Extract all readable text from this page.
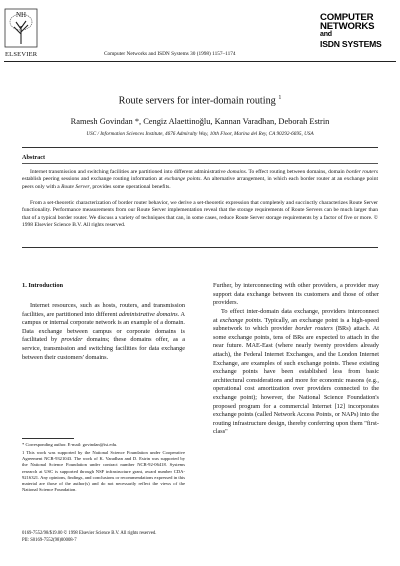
NH
ELSEVIER	Computer Networks and ISDN Systems 30 (1998) 1157–1174
COMPUTER
NETWORKS
and
ISDN SYSTEMS
Route servers for inter-domain routing $^1$
Ramesh Govindan *, Cengiz Alaettinoğlu, Kannan Varadhan, Deborah Estrin
USC / Information Sciences Institute, 4676 Admiralty Way, 10th Floor, Marina del Rey, CA 90292-6695, USA
Abstract
Internet transmission and switching facilities are partitioned into different administrative domains. To effect routing between domains, domain border routers establish peering sessions and exchange routing information at exchange points. An alternative arrangement, in which each border router at an exchange point peers only with a Route Server, provides some operational benefits.
From a set-theoretic characterization of border router behavior, we derive a set-theoretic expression that completely and succinctly characterizes Route Server functionality. Performance measurements from our Route Server implementation reveal that the storage requirements of Route Servers can be much larger than that of a typical border router. We discuss a variety of techniques that can, in some cases, reduce Route Server storage requirements by a factor of five or more. © 1998 Elsevier Science B.V. All rights reserved.
1. Introduction
Internet resources, such as hosts, routers, and transmission facilities, are partitioned into different administrative domains. A campus or internal corporate network is an example of a domain. Data exchange between campus or corporate domains is facilitated by provider domains; these domains offer, as a service, transmission and switching facilities for data exchange between their customers' domains.
Further, by interconnecting with other providers, a provider may support data exchange between its customers and those of other providers.
To effect inter-domain data exchange, providers interconnect at exchange points. Typically, an exchange point is a high-speed subnetwork to which provider border routers (BRs) attach. At some exchange points, tens of BRs are expected to attach in the near future. MAE-East (where nearly twenty providers already attach), the Federal Internet Exchanges, and the London Internet Exchange, are examples of such exchange points. These existing exchange points have been established less from basic architectural considerations and more for economic reasons (e.g., operational cost amortization over providers connected to the exchange point); however, the National Science Foundation's proposed program for a commercial Internet [12] incorporates exchange points (called Network Access Points, or NAPs) into the routing infrastructure design, thereby conferring upon them "first-class"
* Corresponding author. E-mail: govindan@isi.edu.
1 This work was supported by the National Science Foundation under Cooperative Agreement NCR-9321043. The work of K. Varadhan and D. Estrin was supported by the National Science Foundation under contract number NCR-92-06418. Systems research at USC is supported through NSF infrastructure grant, award number CDA-9216321. Any opinions, findings, and conclusions or recommendations expressed in this material are those of the author(s) and do not necessarily reflect the views of the National Science Foundation.
0169-7552/98/$19.00 © 1998 Elsevier Science B.V. All rights reserved.
PII: S0169-7552(98)00008-7
